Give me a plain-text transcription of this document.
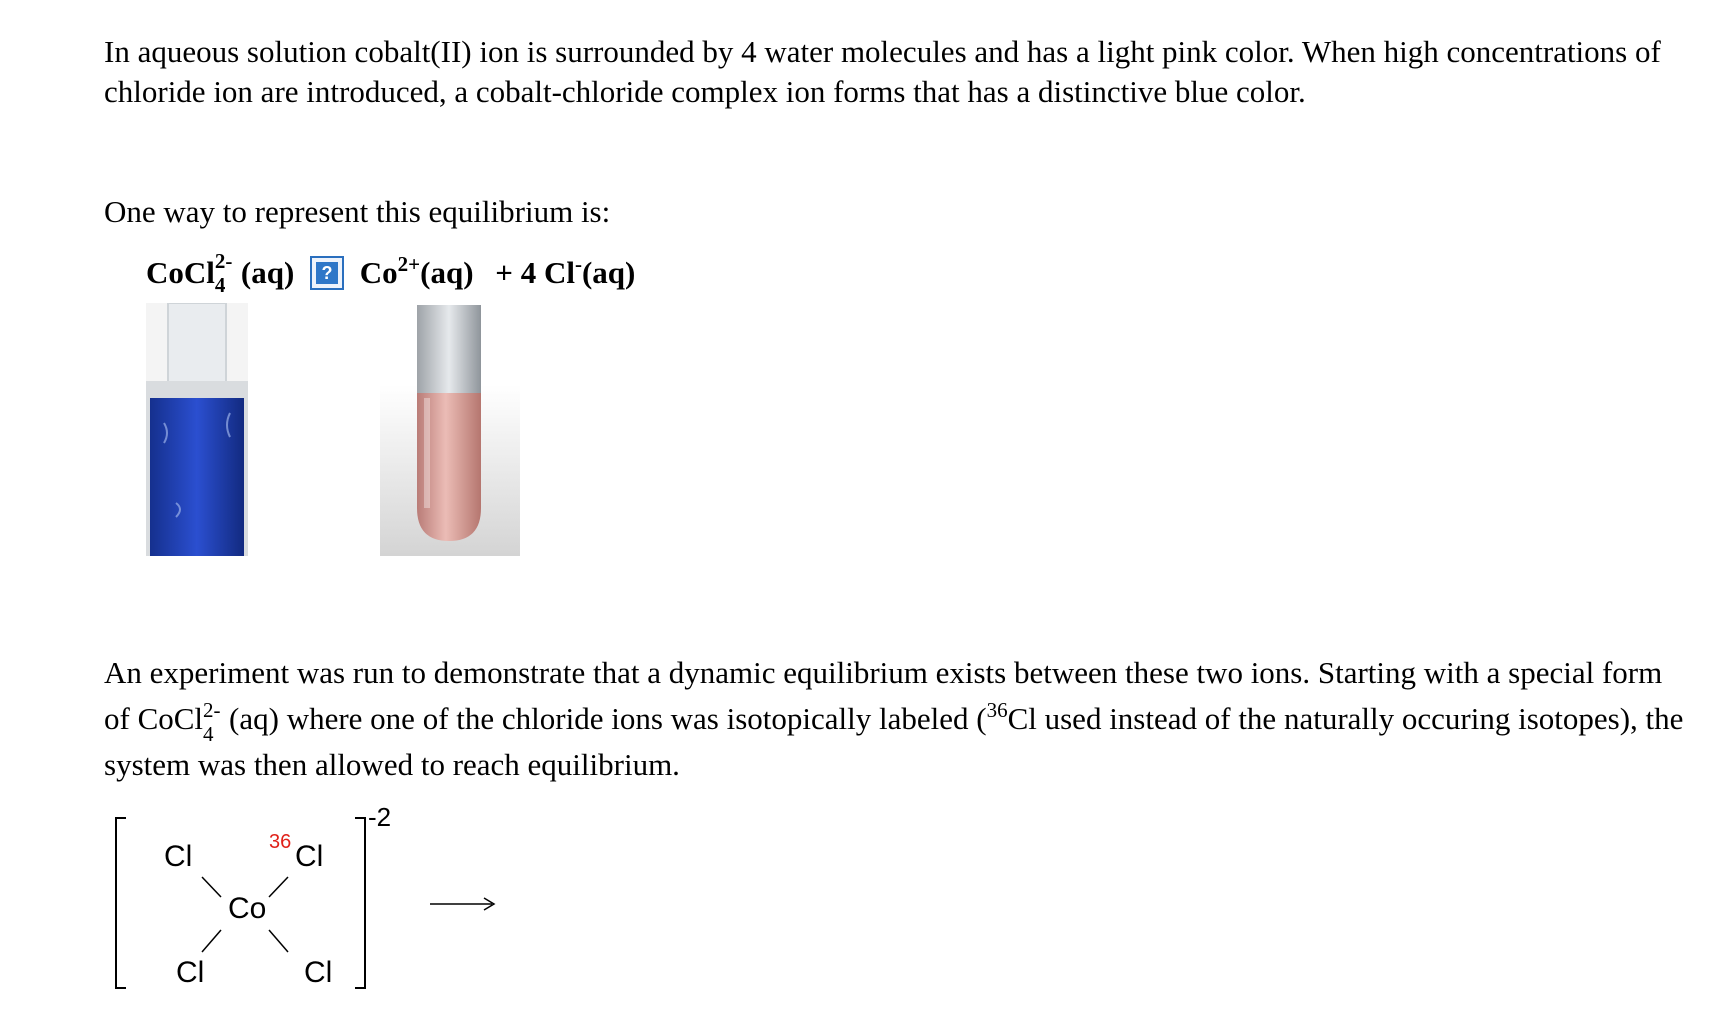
In aqueous solution cobalt(II) ion is surrounded by 4 water molecules and has a light pink color. When high concentrations of chloride ion are introduced, a cobalt-chloride complex ion forms that has a distinctive blue color.

One way to represent this equilibrium is:

CoCl 2-
4 (aq)	? $Co^{2+}(aq) + 4$ Cl-(aq)

An experiment was run to demonstrate that a dynamic equilibrium exists between these two ions. Starting with a special form of CoCl 2-
4 (aq) where one of the chloride ions was isotopically labeled ($^{36}$Cl used instead of the naturally occuring isotopes), the system was then allowed to reach equilibrium.

-2
Cl	36 Cl
Co
Cl	Cl
